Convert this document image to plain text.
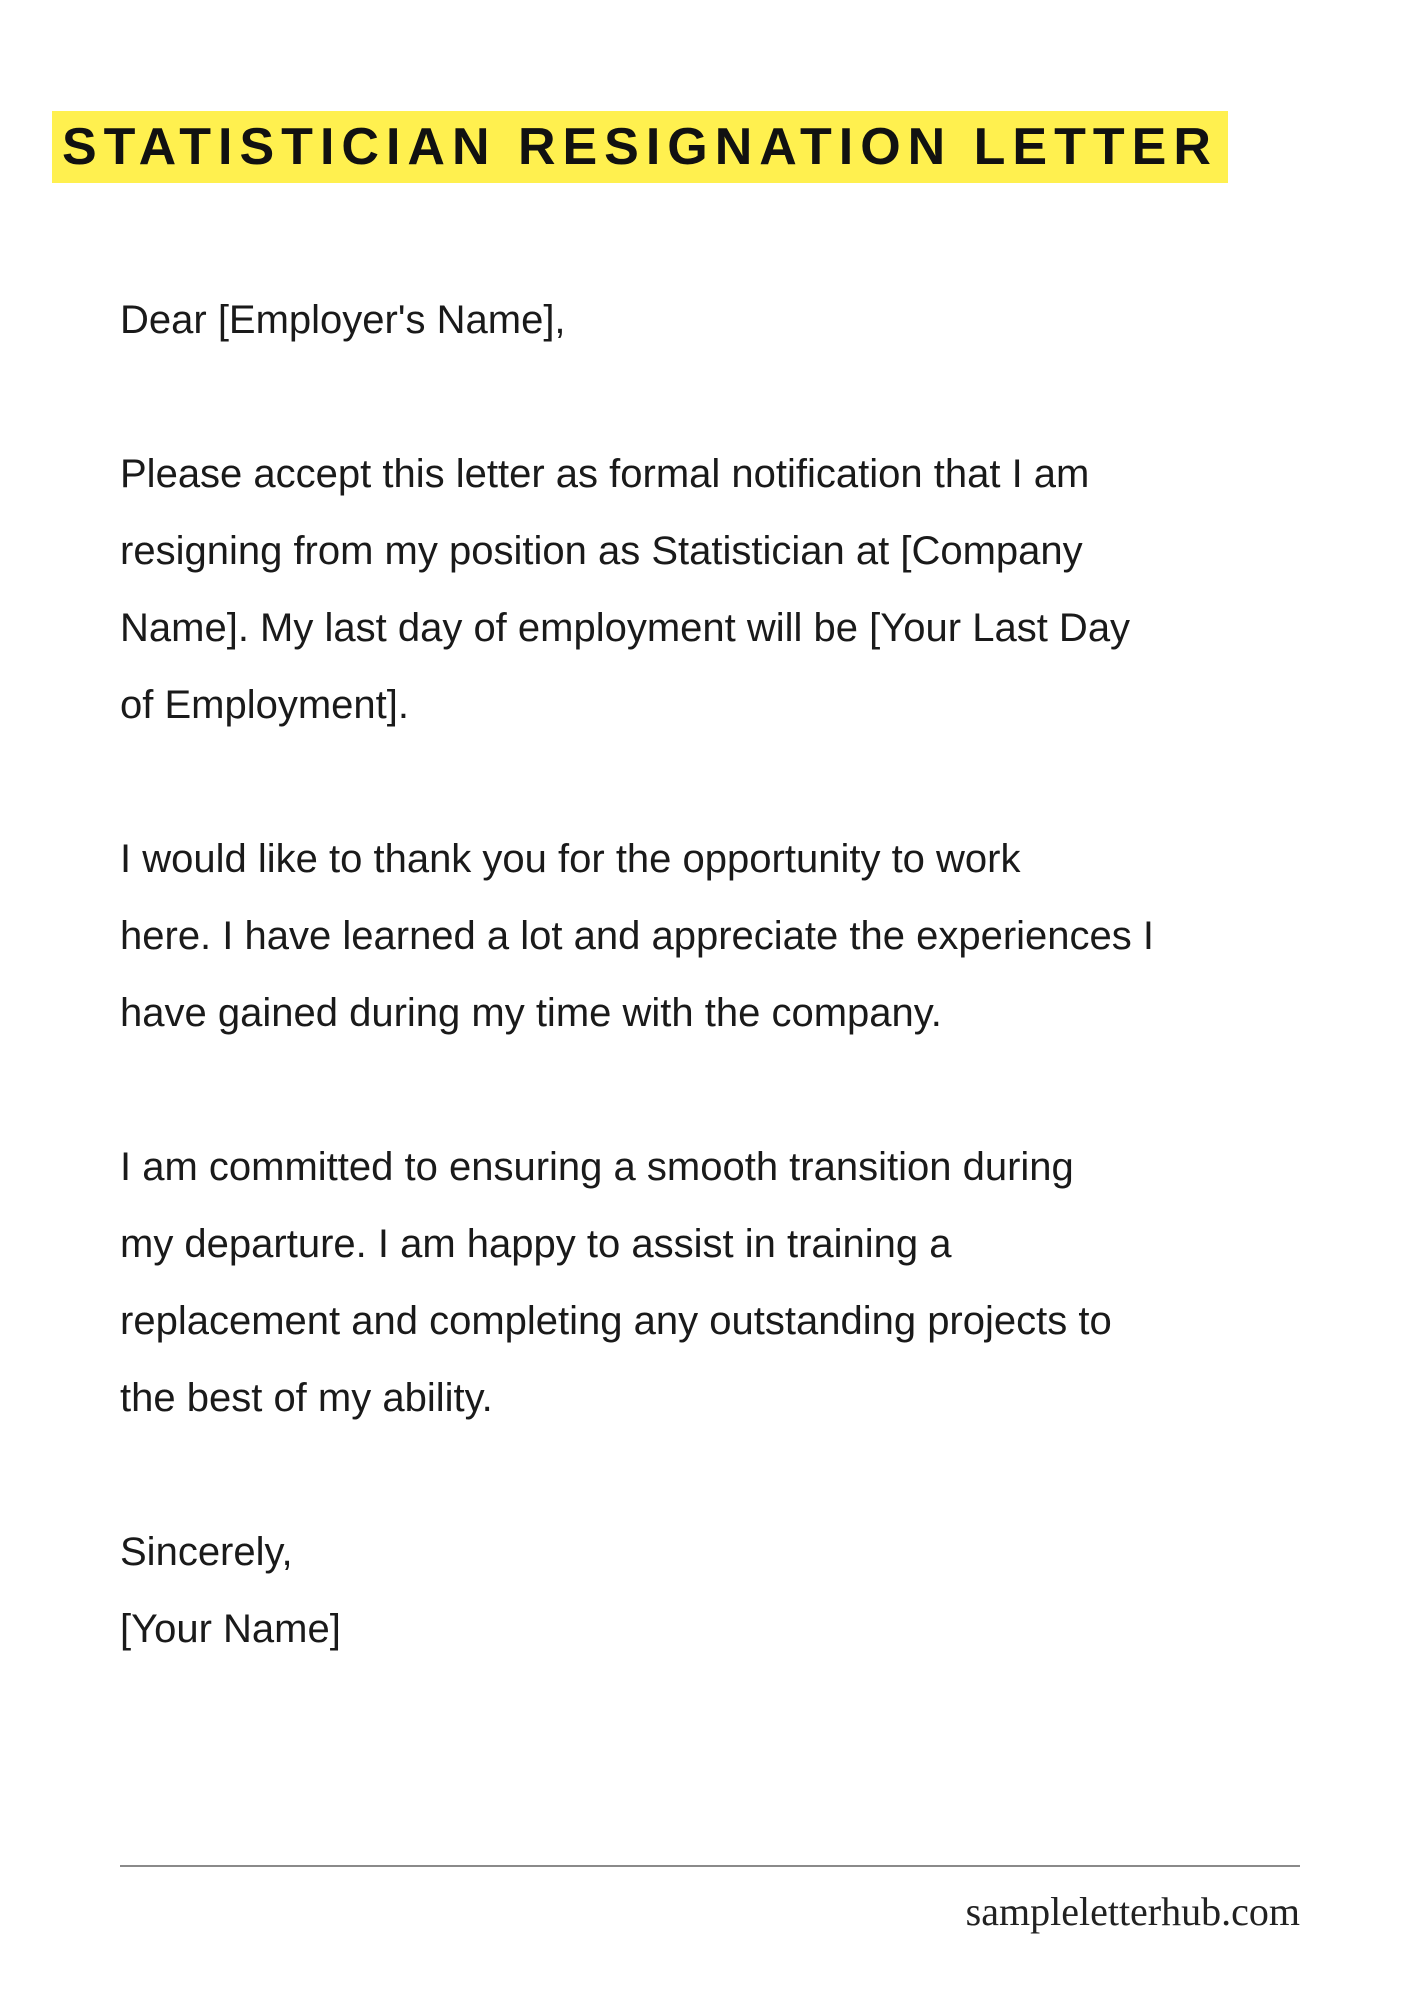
STATISTICIAN RESIGNATION LETTER
Dear [Employer's Name],
Please accept this letter as formal notification that I am
resigning from my position as Statistician at [Company
Name]. My last day of employment will be [Your Last Day
of Employment].
I would like to thank you for the opportunity to work
here. I have learned a lot and appreciate the experiences I
have gained during my time with the company.
I am committed to ensuring a smooth transition during
my departure. I am happy to assist in training a
replacement and completing any outstanding projects to
the best of my ability.
Sincerely,
[Your Name]
sampleletterhub.com
